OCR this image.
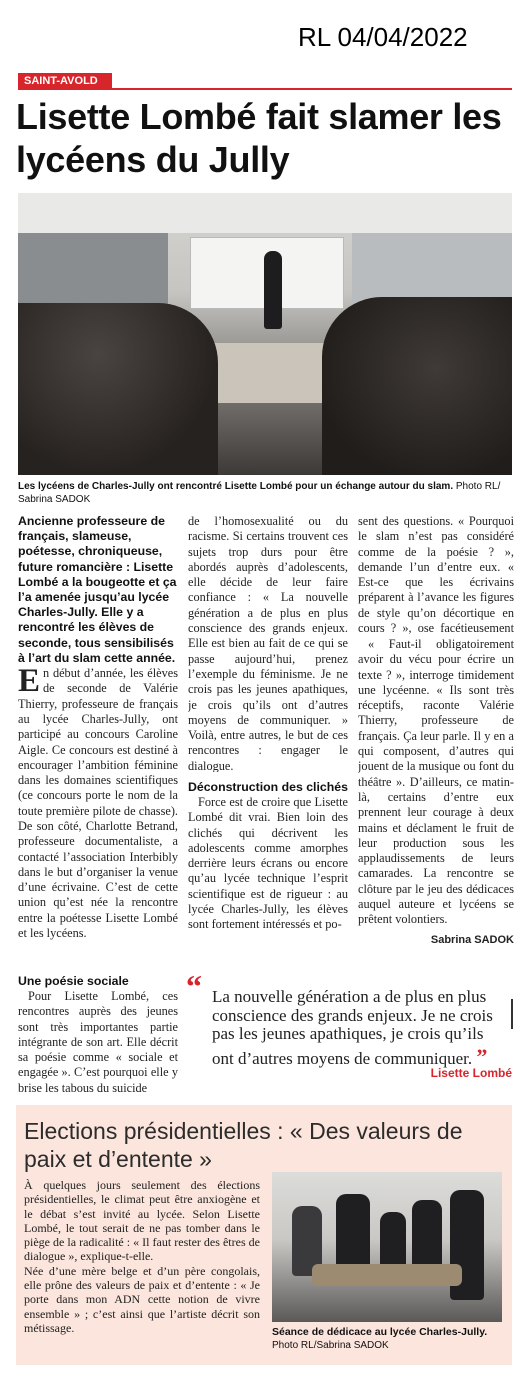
RL 04/04/2022
SAINT-AVOLD
Lisette Lombé fait slamer les lycéens du Jully
Les lycéens de Charles-Jully ont rencontré Lisette Lombé pour un échange autour du slam. Photo RL/ Sabrina SADOK

Ancienne professeure de français, slameuse, poétesse, chroniqueuse, future romancière : Lisette Lombé a la bougeotte et ça l’a amenée jusqu’au lycée Charles-Jully. Elle y a rencontré les élèves de seconde, tous sensibilisés à l’art du slam cette année.

En début d’année, les élèves de seconde de Valérie Thierry, professeure de français au lycée Charles-Jully, ont participé au concours Caroline Aigle. Ce concours est destiné à encourager l’ambition féminine dans les domaines scientifiques (ce concours porte le nom de la toute première pilote de chasse). De son côté, Charlotte Betrand, professeure documentaliste, a contacté l’association Interbibly dans le but d’organiser la venue d’une écrivaine. C’est de cette union qu’est née la rencontre entre la poétesse Lisette Lombé et les lycéens.

Une poésie sociale

Pour Lisette Lombé, ces rencontres auprès des jeunes sont très importantes partie intégrante de son art. Elle décrit sa poésie comme « sociale et engagée ». C’est pourquoi elle y brise les tabous du suicide

de l’homosexualité ou du racisme. Si certains trouvent ces sujets trop durs pour être abordés auprès d’adolescents, elle décide de leur faire confiance : « La nouvelle génération a de plus en plus conscience des grands enjeux. Elle est bien au fait de ce qui se passe aujourd’hui, prenez l’exemple du féminisme. Je ne crois pas les jeunes apathiques, je crois qu’ils ont d’autres moyens de communiquer. » Voilà, entre autres, le but de ces rencontres : engager le dialogue.

Déconstruction des clichés

Force est de croire que Lisette Lombé dit vrai. Bien loin des clichés qui décrivent les adolescents comme amorphes derrière leurs écrans ou encore qu’au lycée technique l’esprit scientifique est de rigueur : au lycée Charles-Jully, les élèves sont fortement intéressés et po-

sent des questions. « Pourquoi le slam n’est pas considéré comme de la poésie ? », demande l’un d’entre eux. « Est-ce que les écrivains préparent à l’avance les figures de style qu’on décortique en cours ? », ose facétieusement

« Faut-il obligatoirement avoir du vécu pour écrire un texte ? », interroge timidement une lycéenne. « Ils sont très réceptifs, raconte Valérie Thierry, professeure de français. Ça leur parle. Il y en a qui composent, d’autres qui jouent de la musique ou font du théâtre ». D’ailleurs, ce matin-là, certains d’entre eux prennent leur courage à deux mains et déclament le fruit de leur production sous les applaudissements de leurs camarades. La rencontre se clôture par le jeu des dédicaces auquel auteure et lycéens se prêtent volontiers.

Sabrina SADOK
“ La nouvelle génération a de plus en plus conscience des grands enjeux. Je ne crois pas les jeunes apathiques, je crois qu’ils ont d’autres moyens de communiquer. ”
Lisette Lombé
Elections présidentielles : « Des valeurs de paix et d’entente »

À quelques jours seulement des élections présidentielles, le climat peut être anxiogène et le débat s’est invité au lycée. Selon Lisette Lombé, le tout serait de ne pas tomber dans le piège de la radicalité : « Il faut rester des êtres de dialogue », explique-t-elle.

Née d’une mère belge et d’un père congolais, elle prône des valeurs de paix et d’entente : « Je porte dans mon ADN cette notion de vivre ensemble » ; c’est ainsi que l’artiste décrit son métissage.	Séance de dédicace au lycée Charles-Jully.
Photo RL/Sabrina SADOK
